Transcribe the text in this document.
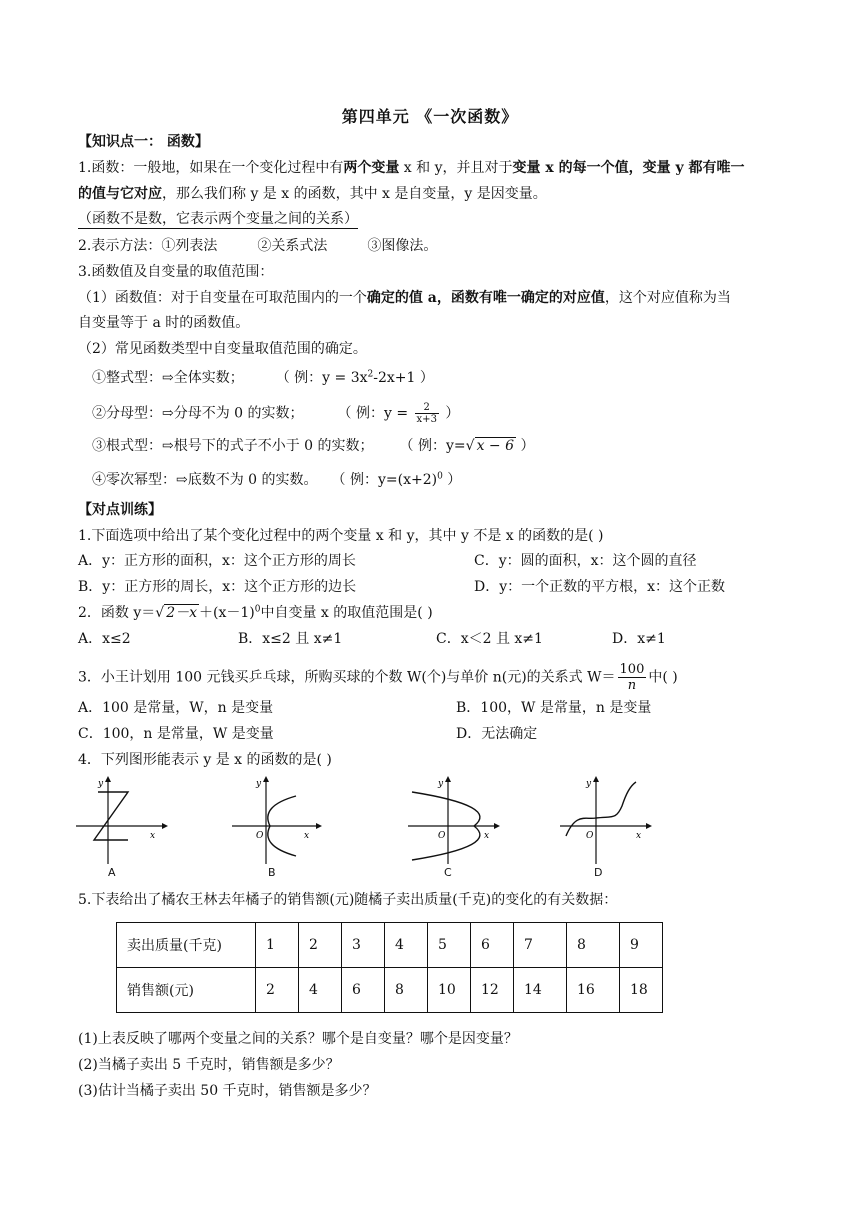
第四单元 《一次函数》
【知识点一： 函数】
1.函数：一般地，如果在一个变化过程中有两个变量 x 和 y，并且对于变量 x 的每一个值，变量 y 都有唯一
的值与它对应，那么我们称 y 是 x 的函数，其中 x 是自变量，y 是因变量。
（函数不是数，它表示两个变量之间的关系）
2.表示方法：①列表法	②关系式法	③图像法。
3.函数值及自变量的取值范围：
（1）函数值：对于自变量在可取范围内的一个确定的值 a，函数有唯一确定的对应值，这个对应值称为当
自变量等于 a 时的函数值。
（2）常见函数类型中自变量取值范围的确定。
①整式型：⇨全体实数； （ 例：$y = 3x^2-2x+1$ ）
②分母型：⇨分母不为 0 的实数； （ 例：$y = \frac{2}{x+3}$ ）
③根式型：⇨根号下的式子不小于 0 的实数； （ 例：y=√ x − 6 ）
④零次幂型：⇨底数不为 0 的实数。 （ 例：$y=(x+2)^0$ ）
【对点训练】
1.下面选项中给出了某个变化过程中的两个变量 x 和 y，其中 y 不是 x 的函数的是( )
A．y：正方形的面积，x：这个正方形的周长	C．y：圆的面积，x：这个圆的直径
B．y：正方形的周长，x：这个正方形的边长	D．y：一个正数的平方根，x：这个正数
2．函数 y＝√ $2-x +(x-1)^0$中自变量 x 的取值范围是( )
A．x≤2	B．x≤2 且 x≠1	C．x＜2 且 x≠1	D．x≠1
3．小王计划用 100 元钱买乒乓球，所购买球的个数 W(个)与单价 n(元)的关系式 $W= \frac{100}{n}$ 中( )
A．100 是常量，W，n 是变量	B．100，W 是常量，n 是变量
C．100，n 是常量，W 是变量	D．无法确定
4．下列图形能表示 y 是 x 的函数的是( )
x
y
A
x
y
O
B
x
y
O
C
x
y
O
D
5.下表给出了橘农王林去年橘子的销售额(元)随橘子卖出质量(千克)的变化的有关数据：
卖出质量(千克)	1	2	3	4	5	6	7	8	9
销售额(元)	2	4	6	8	10	12	14	16	18
(1)上表反映了哪两个变量之间的关系？哪个是自变量？哪个是因变量？
(2)当橘子卖出 5 千克时，销售额是多少？
(3)估计当橘子卖出 50 千克时，销售额是多少？
